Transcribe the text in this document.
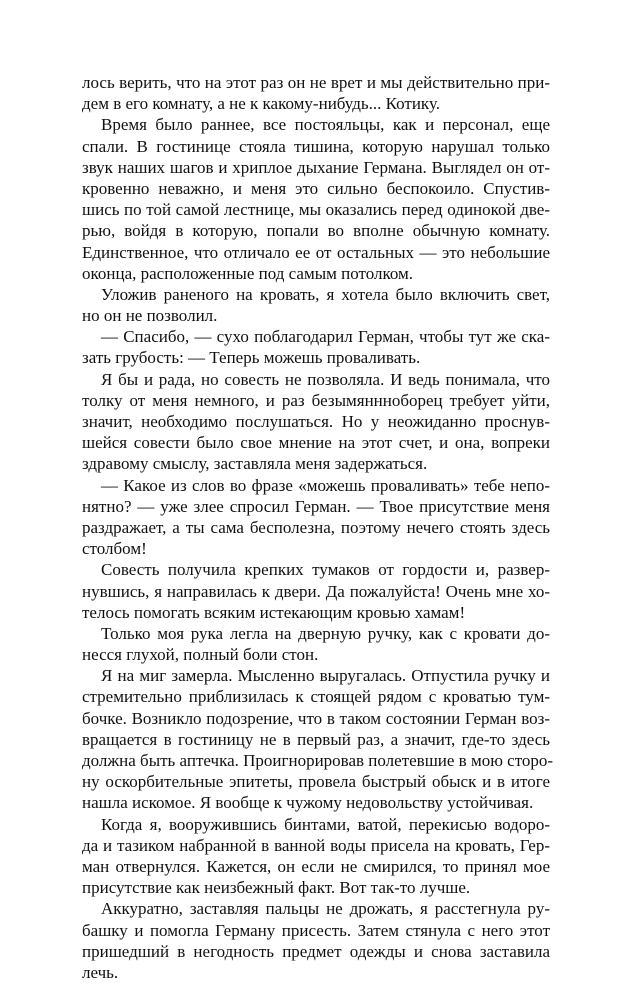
лось верить, что на этот раз он не врет и мы действительно при-
дем в его комнату, а не к какому-нибудь... Котику.

Время было раннее, все постояльцы, как и персонал, еще
спали. В гостинице стояла тишина, которую нарушал только
звук наших шагов и хриплое дыхание Германа. Выглядел он от-
кровенно неважно, и меня это сильно беспокоило. Спустив-
шись по той самой лестнице, мы оказались перед одинокой две-
рью, войдя в которую, попали во вполне обычную комнату.
Единственное, что отличало ее от остальных — это небольшие
оконца, расположенные под самым потолком.

Уложив раненого на кровать, я хотела было включить свет,
но он не позволил.

— Спасибо, — сухо поблагодарил Герман, чтобы тут же ска-
зать грубость: — Теперь можешь проваливать.

Я бы и рада, но совесть не позволяла. И ведь понимала, что
толку от меня немного, и раз безымяннноборец требует уйти,
значит, необходимо послушаться. Но у неожиданно проснув-
шейся совести было свое мнение на этот счет, и она, вопреки
здравому смыслу, заставляла меня задержаться.

— Какое из слов во фразе «можешь проваливать» тебе непо-
нятно? — уже злее спросил Герман. — Твое присутствие меня
раздражает, а ты сама бесполезна, поэтому нечего стоять здесь
столбом!

Совесть получила крепких тумаков от гордости и, развер-
нувшись, я направилась к двери. Да пожалуйста! Очень мне хо-
телось помогать всяким истекающим кровью хамам!

Только моя рука легла на дверную ручку, как с кровати до-
несся глухой, полный боли стон.

Я на миг замерла. Мысленно выругалась. Отпустила ручку и
стремительно приблизилась к стоящей рядом с кроватью тум-
бочке. Возникло подозрение, что в таком состоянии Герман воз-
вращается в гостиницу не в первый раз, а значит, где-то здесь
должна быть аптечка. Проигнорировав полетевшие в мою сторо-
ну оскорбительные эпитеты, провела быстрый обыск и в итоге
нашла искомое. Я вообще к чужому недовольству устойчивая.

Когда я, вооружившись бинтами, ватой, перекисью водоро-
да и тазиком набранной в ванной воды присела на кровать, Гер-
ман отвернулся. Кажется, он если не смирился, то принял мое
присутствие как неизбежный факт. Вот так-то лучше.

Аккуратно, заставляя пальцы не дрожать, я расстегнула ру-
башку и помогла Герману присесть. Затем стянула с него этот
пришедший в негодность предмет одежды и снова заставила
лечь.
